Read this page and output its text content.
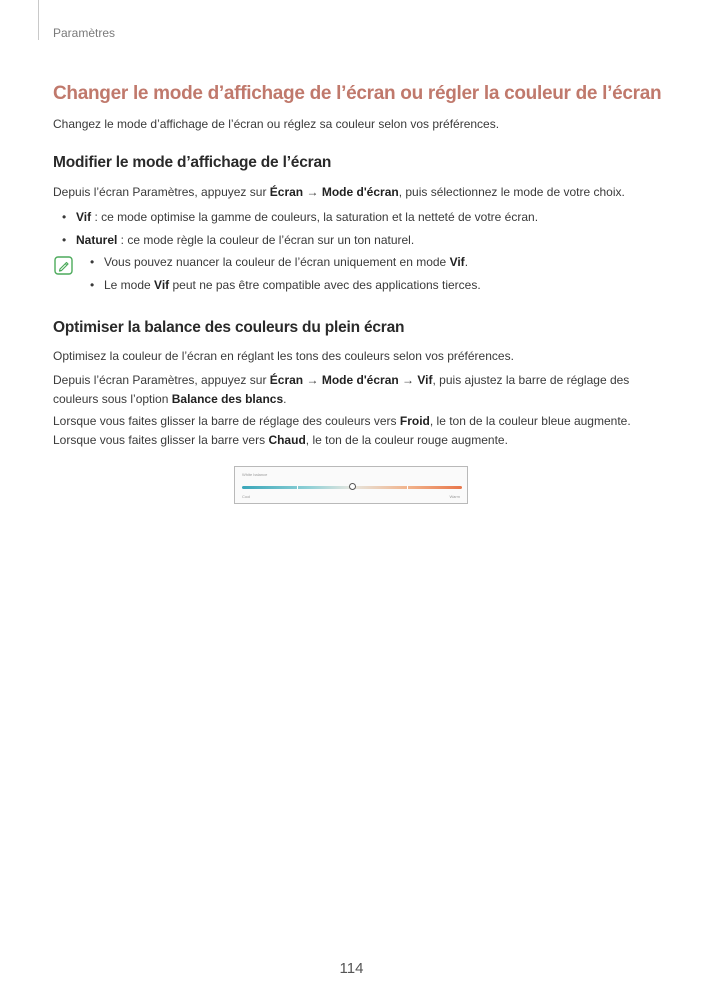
Paramètres
Changer le mode d’affichage de l’écran ou régler la couleur de l’écran

Changez le mode d’affichage de l’écran ou réglez sa couleur selon vos préférences.

Modifier le mode d’affichage de l’écran

Depuis l’écran Paramètres, appuyez sur Écran → Mode d'écran, puis sélectionnez le mode de votre choix.

• Vif : ce mode optimise la gamme de couleurs, la saturation et la netteté de votre écran.
• Naturel : ce mode règle la couleur de l’écran sur un ton naturel.
• Vous pouvez nuancer la couleur de l’écran uniquement en mode Vif.
• Le mode Vif peut ne pas être compatible avec des applications tierces.
Optimiser la balance des couleurs du plein écran

Optimisez la couleur de l’écran en réglant les tons des couleurs selon vos préférences.

Depuis l’écran Paramètres, appuyez sur Écran → Mode d'écran → Vif, puis ajustez la barre de réglage des
couleurs sous l’option Balance des blancs.

Lorsque vous faites glisser la barre de réglage des couleurs vers Froid, le ton de la couleur bleue augmente.
Lorsque vous faites glisser la barre vers Chaud, le ton de la couleur rouge augmente.

White balance
Cool	Warm
114
